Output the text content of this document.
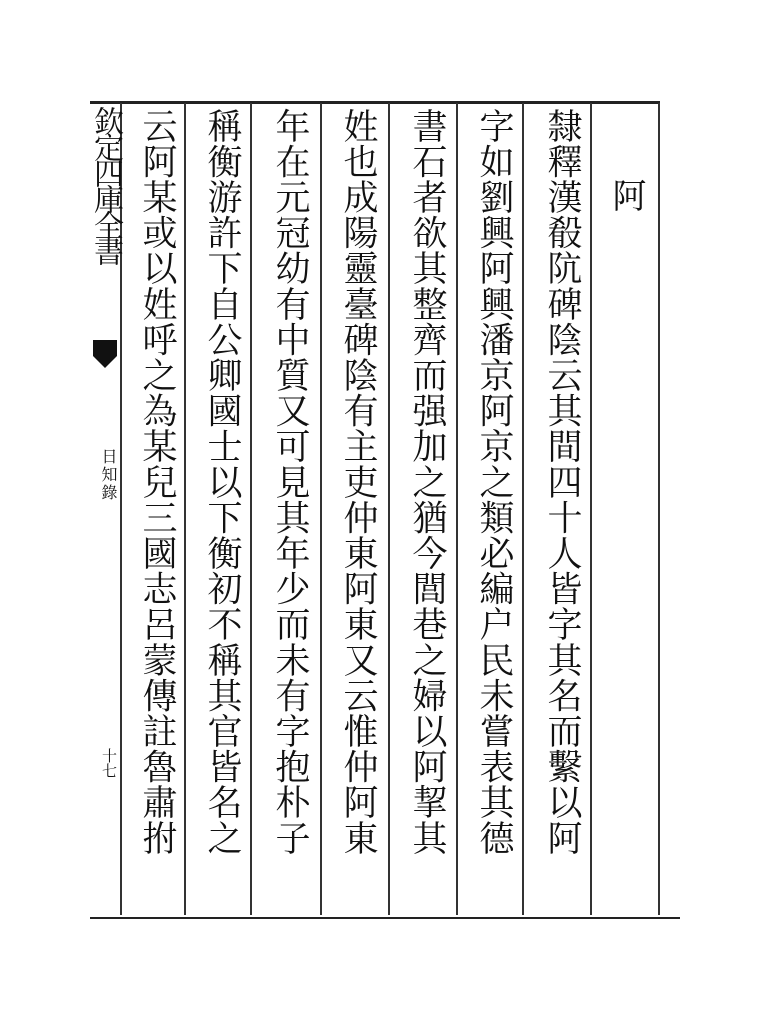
欽定四庫全書
日知錄
十七
阿
隸釋漢殽阬碑陰云其間四十人皆字其名而繫以阿
字如劉興阿興潘京阿京之類必編户民未嘗表其德
書石者欲其整齊而强加之猶今閭巷之婦以阿挈其
姓也成陽靈臺碑陰有主吏仲東阿東又云惟仲阿東
年在元冠幼有中質又可見其年少而未有字抱朴子
稱衡游許下自公卿國士以下衡初不稱其官皆名之
云阿某或以姓呼之為某兒三國志呂蒙傳註魯肅拊
